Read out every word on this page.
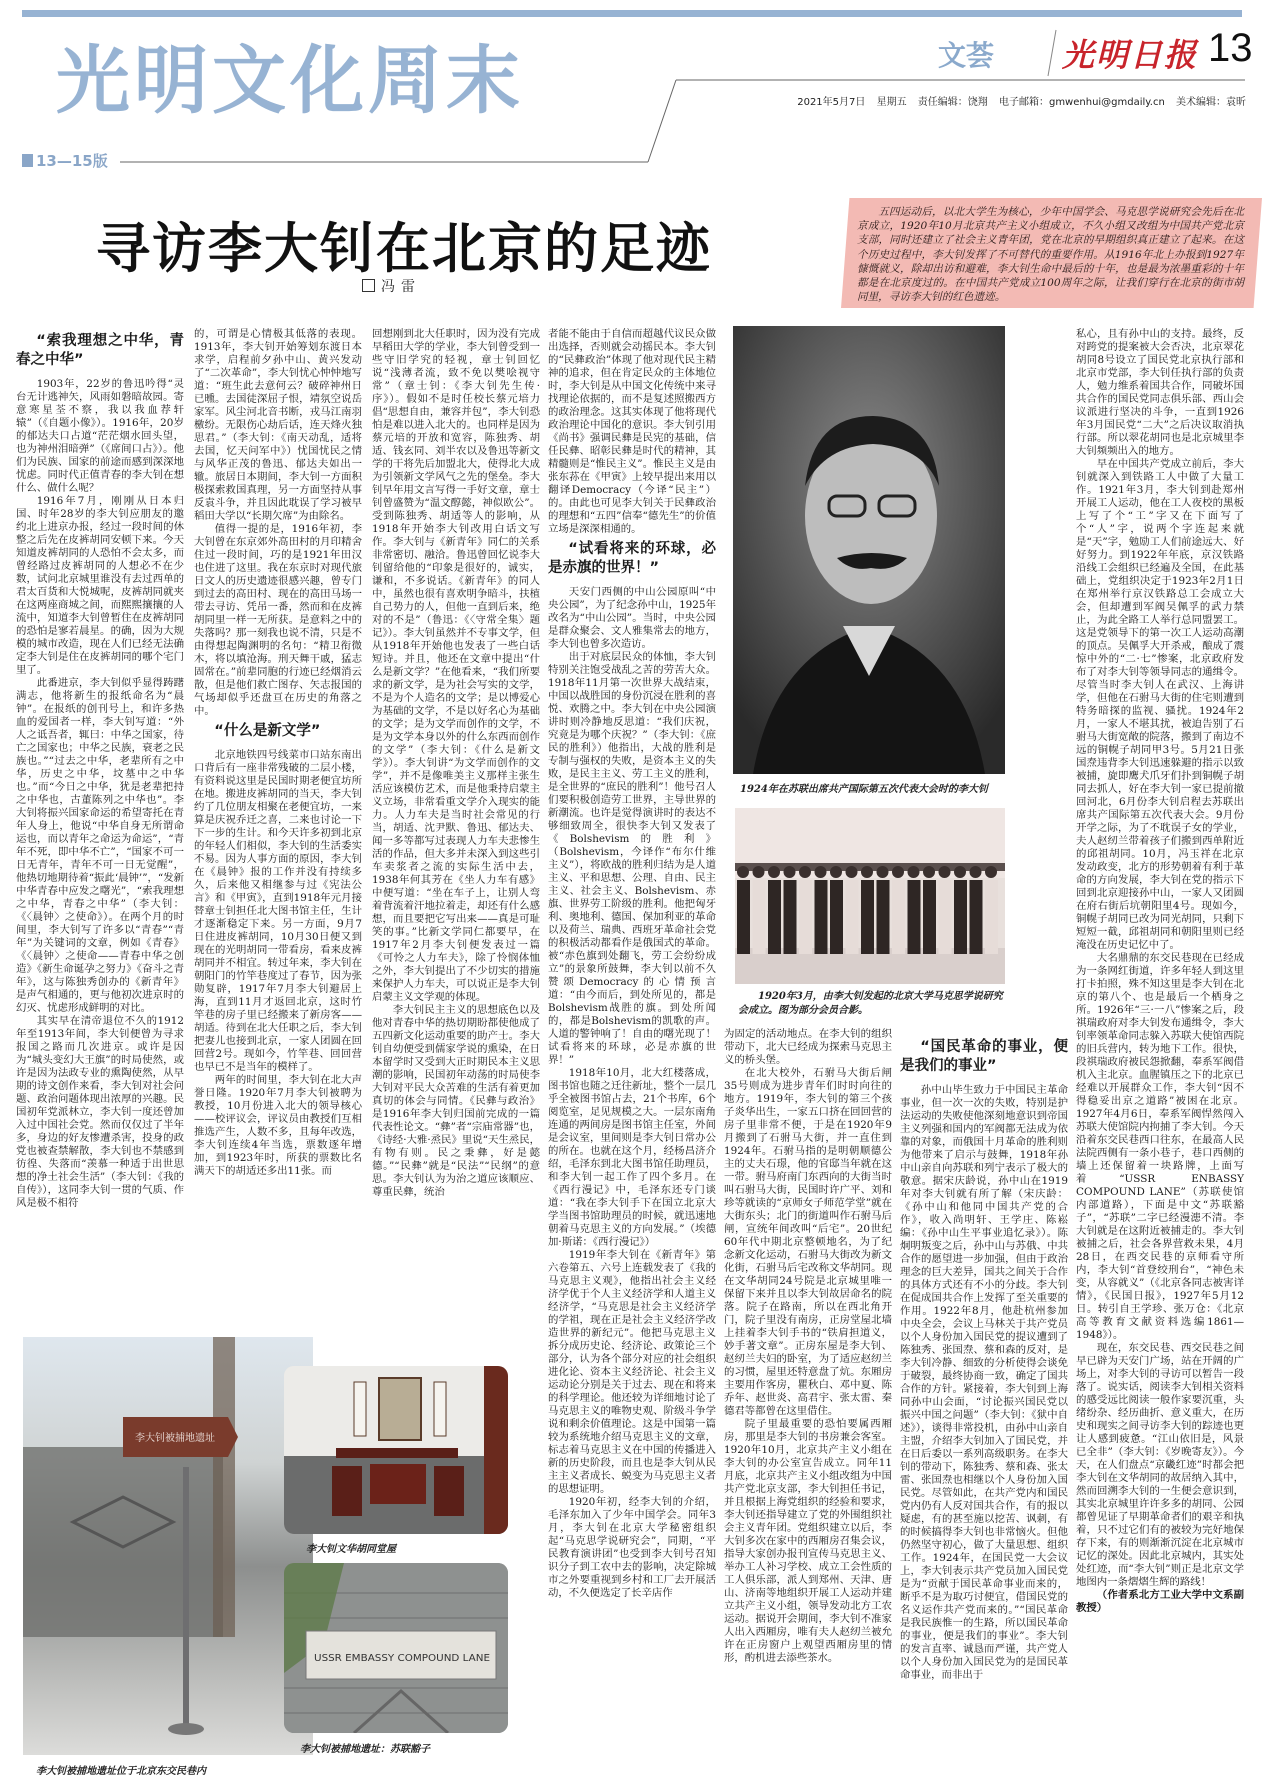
光明文化周末
13—15版
文荟 光明日报 13
2021年5月7日 星期五 责任编辑：饶翔 电子邮箱：gmwenhui@gmdaily.cn 美术编辑：袁昕
寻访李大钊在北京的足迹
冯雷

五四运动后，以北大学生为核心，少年中国学会、马克思学说研究会先后在北京成立，1920年10月北京共产主义小组成立，不久小组又改组为中国共产党北京支部，同时还建立了社会主义青年团，党在北京的早期组织真正建立了起来。在这个历史过程中，李大钊发挥了不可替代的重要作用。从1916年北上办报到1927年慷慨就义，除却出访和避难，李大钊生命中最后的十年，也是最为浓墨重彩的十年都是在北京度过的。在中国共产党成立100周年之际，让我们穿行在北京的街市胡同里，寻访李大钊的红色遗迹。

1924年在苏联出席共产国际第五次代表大会时的李大钊
1920年3月，由李大钊发起的北京大学马克思学说研究会成立。图为部分会员合影。
李大钊被捕地遗址
李大钊文华胡同堂屋
USSR EMBASSY COMPOUND LANE
李大钊被捕地遗址：苏联豁子
李大钊被捕地遗址位于北京东交民巷内
“索我理想之中华，青春之中华”

1903年，22岁的鲁迅吟得“灵台无计逃神矢，风雨如磐暗故园。寄意寒星荃不察，我以我血荐轩辕”（《自题小像》）。1916年，20岁的郁达夫口占道“茫茫烟水回头望，也为神州泪暗弹”（《席间口占》）。他们为民族、国家的前途而感到深深地忧虑。同时代正值青春的李大钊在想什么、做什么呢？

1916年7月，刚刚从日本归国、时年28岁的李大钊应朋友的邀约北上进京办报，经过一段时间的休整之后先在皮裤胡同安顿下来。今天知道皮裤胡同的人恐怕不会太多，而曾经路过皮裤胡同的人想必不在少数，试问北京城里谁没有去过西单的君太百货和大悦城呢，皮裤胡同就夹在这两座商城之间，而熙熙攘攘的人流中，知道李大钊曾暂住在皮裤胡同的恐怕是寥若晨星。的确，因为大规模的城市改造，现在人们已经无法确定李大钊是住在皮裤胡同的哪个宅门里了。

此番进京，李大钊似乎显得踌躇满志，他将新生的报纸命名为“晨钟”。在报纸的创刊号上，和许多热血的爱国者一样，李大钊写道：“外人之诋吾者，辄曰：中华之国家，待亡之国家也；中华之民族，衰老之民族也。”“过去之中华，老辈所有之中华，历史之中华，坟墓中之中华也。”而“今日之中华，犹是老辈把持之中华也，古董陈列之中华也”。李大钊将振兴国家命运的希望寄托在青年人身上，他说“中华自身无所谓命运也，而以青年之命运为命运”，“青年不死，即中华不亡”，“国家不可一日无青年，青年不可一日无觉醒”，他热切地期待着“振此‘晨钟’”，“发新中华青春中应发之曙光”，“索我理想之中华，青春之中华”（李大钊：《〈晨钟〉之使命》）。在两个月的时间里，李大钊写了许多以“青春”“青年”为关键词的文章，例如《青春》《〈晨钟〉之使命——青春中华之创造》《新生命诞孕之努力》《奋斗之青年》，这与陈独秀创办的《新青年》是声气相通的，更与他初次进京时的幻灭、忧虑形成鲜明的对比。

其实早在清帝退位不久的1912年至1913年间，李大钊便曾为寻求报国之路而几次进京。或许是因为“城头变幻大王旗”的时局使然，或许是因为法政专业的熏陶使然，从早期的诗文创作来看，李大钊对社会问题、政治问题体现出浓厚的兴趣。民国初年党派林立，李大钊一度还曾加入过中国社会党。然而仅仅过了半年多，身边的好友惨遭杀害，投身的政党也被查禁解散，李大钊也不禁感到彷徨、失落而“羡慕一种适于出世思想的净土社会生活”（李大钊：《我的自传》），这同李大钊一贯的气质、作风是极不相符

的，可谓是心情极其低落的表现。1913年，李大钊开始筹划东渡日本求学，启程前夕孙中山、黄兴发动了“二次革命”，李大钊忧心忡忡地写道：“班生此去意何云？破碎神州日已曛。去国徒深屈子恨，靖氛空说岳家军。风尘河北音书断，戎马江南羽檄纷。无限伤心劫后话，连天烽火独思君。”（李大钊：《南天动乱，适将去国，忆天问军中》）忧国忧民之情与风华正茂的鲁迅、郁达夫如出一辙。旅居日本期间，李大钊一方面积极探索救国真理，另一方面坚持从事反袁斗争，并且因此耽误了学习被早稻田大学以“长期欠席”为由除名。

值得一提的是，1916年初，李大钊曾在东京郊外高田村的月印精舍住过一段时间，巧的是1921年田汉也住进了这里。我在东京时对现代旅日文人的历史遗迹很感兴趣，曾专门到过去的高田村、现在的高田马场一带去寻访、凭吊一番，然而和在皮裤胡同里一样一无所获。是意料之中的失落吗？那一刻我也说不清，只是不由得想起陶渊明的名句：“精卫衔微木，将以填沧海。刑天舞干戚，猛志固常在。”前辈同胞的行迹已经烟消云散，但是他们救亡图存、矢志报国的气场却似乎还盘亘在历史的角落之中。

“什么是新文学”

北京地铁四号线菜市口站东南出口背后有一座非常残破的二层小楼，有资料说这里是民国时期老便宜坊所在地。搬进皮裤胡同的当天，李大钊约了几位朋友相聚在老便宜坊，一来算是庆祝乔迁之喜，二来也讨论一下下一步的生计。和今天许多初到北京的年轻人们相似，李大钊的生活委实不易。因为人事方面的原因，李大钊在《晨钟》报的工作并没有持续多久，后来他又相继参与过《宪法公言》和《甲寅》，直到1918年元月接替章士钊担任北大图书馆主任，生计才逐渐稳定下来。另一方面，9月7日住进皮裤胡同，10月30日便又到现在的光明胡同一带看房，看来皮裤胡同并不相宜。转过年来，李大钊在朝阳门的竹竿巷度过了春节，因为张勋复辟，1917年7月李大钊避居上海，直到11月才返回北京，这时竹竿巷的房子里已经搬来了新房客——胡适。待到在北大任职之后，李大钊把妻儿也接到北京，一家人团圆在回回营2号。现如今，竹竿巷、回回营也早已不是当年的模样了。

两年的时间里，李大钊在北大声誉日隆。1920年7月李大钊被聘为教授，10月份进入北大的领导核心——校评议会，评议员由教授们互相推选产生，人数不多，且每年改选，李大钊连续4年当选，票数逐年增加，到1923年时，所获的票数比名满天下的胡适还多出11张。而

回想刚到北大任职时，因为没有完成早稻田大学的学业，李大钊曾受到一些守旧学究的轻视，章士钊回忆说“浅薄者流，致不免以樊哙视守常”（章士钊：《李大钊先生传·序》）。假如不是时任校长蔡元培力倡“思想自由，兼容并包”，李大钊恐怕是难以进入北大的。也同样是因为蔡元培的开放和宽容，陈独秀、胡适、钱玄同、刘半农以及鲁迅等新文学的干将先后加盟北大，使得北大成为引领新文学风气之先的堡垒。李大钊早年用文言写得一手好文章，章士钊曾盛赞为“温文醇懿，神似欧公”。受到陈独秀、胡适等人的影响，从1918年开始李大钊改用白话文写作。李大钊与《新青年》同仁的关系非常密切、融洽。鲁迅曾回忆说李大钊留给他的“印象是很好的，诚实，谦和，不多说话。《新青年》的同人中，虽然也很有喜欢明争暗斗，扶植自己势力的人，但他一直到后来，绝对的不是”（鲁迅：《〈守常全集〉题记》）。李大钊虽然并不专事文学，但从1918年开始他也发表了一些白话短诗。并且，他还在文章中提出“什么是新文学？”在他看来，“我们所要求的新文学，是为社会写实的文学，不是为个人造名的文学；是以博爱心为基础的文学，不是以好名心为基础的文学；是为文学而创作的文学，不是为文学本身以外的什么东西而创作的文学”（李大钊：《什么是新文学》）。李大钊讲“为文学而创作的文学”，并不是像唯美主义那样主张生活应该模仿艺术，而是他秉持启蒙主义立场，非常看重文学介入现实的能力。人力车夫是当时社会常见的行当，胡适、沈尹默、鲁迅、郁达夫、闻一多等都写过表现人力车夫悲惨生活的作品，但大多并未深入到这些引车卖浆者之流的实际生活中去，1938年何其芳在《坐人力车有感》中便写道：“坐在车子上，让别人弯着背流着汗地拉着走，却还有什么感想，而且要把它写出来——真是可耻笑的事。”比新文学同仁都要早，在1917年2月李大钊便发表过一篇《可怜之人力车夫》，除了怜悯体恤之外，李大钊提出了不少切实的措施来保护人力车夫，可以说正是李大钊启蒙主义文学观的体现。

李大钊民主主义的思想底色以及他对青春中华的热切期盼都使他成了五四新文化运动重要的助产士。李大钊自幼便受到儒家学说的熏染，在日本留学时又受到大正时期民本主义思潮的影响，民国初年动荡的时局使李大钊对平民大众苦难的生活有着更加真切的体会与同情。《民彝与政治》是1916年李大钊归国前完成的一篇代表性论文。“彝”者“宗庙常器”也，《诗经·大雅·烝民》里说“天生烝民，有物有则。民之秉彝，好是懿德。”“民彝”就是“民法”“民纲”的意思。李大钊认为为治之道应该顺应、尊重民彝，统治

者能不能由于自信而超越代议民众做出选择，否则就会动摇民本。李大钊的“民彝政治”体现了他对现代民主精神的追求，但在肯定民众的主体地位时，李大钊是从中国文化传统中来寻找理论依据的，而不是复述照搬西方的政治理念。这其实体现了他将现代政治理论中国化的意识。李大钊引用《尚书》强调民彝是民宪的基础，信任民彝、昭彰民彝是时代的精神，其精髓则是“惟民主义”。惟民主义是由张东荪在《甲寅》上较早提出来用以翻译Democracy（今译“民主”）的。由此也可见李大钊关于民彝政治的理想和“五四”信奉“德先生”的价值立场是深深相通的。

“试看将来的环球，必是赤旗的世界！”

天安门西侧的中山公园原叫“中央公园”，为了纪念孙中山，1925年改名为“中山公园”。当时，中央公园是群众聚会、文人雅集常去的地方，李大钊也曾多次造访。

出于对底层民众的体恤，李大钊特别关注饱受战乱之苦的劳苦大众。1918年11月第一次世界大战结束，中国以战胜国的身份沉浸在胜利的喜悦、欢腾之中。李大钊在中央公园演讲时则冷静地反思道：“我们庆祝，究竟是为哪个庆祝？”（李大钊：《庶民的胜利》）他指出，大战的胜利是专制与强权的失败，是资本主义的失败，是民主主义、劳工主义的胜利，是全世界的“庶民的胜利”！他号召人们要积极创造劳工世界，主导世界的新潮流。也许是觉得演讲时的表达不够细致周全，很快李大钊又发表了《Bolshevism的胜利》（Bolshevism，今译作“布尔什维主义”），将欧战的胜利归结为是人道主义、平和思想、公理、自由、民主主义、社会主义、Bolshevism、赤旗、世界劳工阶级的胜利。他把匈牙利、奥地利、德国、保加利亚的革命以及荷兰、瑞典、西班牙革命社会党的积极活动都看作是俄国式的革命。被“赤色旗到处翻飞，劳工会纷纷成立”的景象所鼓舞，李大钊以前不久赞颂Democracy的心情预言道：“由今而后，到处所见的，都是Bolshevism战胜的旗。到处所闻的，都是Bolshevism的凯歌的声。人道的警钟响了！自由的曙光现了！试看将来的环球，必是赤旗的世界！”

1918年10月，北大红楼落成，图书馆也随之迁往新址，整个一层几乎全被图书馆占去，21个书库，6个阅览室，足见规模之大。一层东南角连通的两间房是图书馆主任室，外间是会议室，里间则是李大钊日常办公的所在。也就在这个月，经杨昌济介绍，毛泽东到北大图书馆任助理员，和李大钊一起工作了四个多月。在《西行漫记》中，毛泽东还专门谈道：“我在李大钊手下在国立北京大学当图书馆助理员的时候，就迅速地朝着马克思主义的方向发展。”（埃德加·斯诺：《西行漫记》）

1919年李大钊在《新青年》第六卷第五、六号上连载发表了《我的马克思主义观》，他指出社会主义经济学优于个人主义经济学和人道主义经济学，“马克思是社会主义经济学的学祖，现在正是社会主义经济学改造世界的新纪元”。他把马克思主义拆分成历史论、经济论、政策论三个部分，认为各个部分对应的社会组织进化论、资本主义经济论、社会主义运动论分别是关于过去、现在和将来的科学理论。他还较为详细地讨论了马克思主义的唯物史观、阶级斗争学说和剩余价值理论。这是中国第一篇较为系统地介绍马克思主义的文章，标志着马克思主义在中国的传播进入新的历史阶段，而且也是李大钊从民主主义者成长、蜕变为马克思主义者的思想证明。

1920年初，经李大钊的介绍，毛泽东加入了少年中国学会。同年3月，李大钊在北京大学秘密组织起“马克思学说研究会”，同期，“平民教育演讲团”也受到李大钊号召知识分子到工农中去的影响，决定除城市之外要重视到乡村和工厂去开展活动，不久便选定了长辛店作

为固定的活动地点。在李大钊的组织带动下，北大已经成为探索马克思主义的桥头堡。

在北大校外，石驸马大街后闸35号则成为进步青年们时时向往的地方。1919年，李大钊的第三个孩子炎华出生，一家五口挤在回回营的房子里非常不便，于是在1920年9月搬到了石驸马大街，并一直住到1924年。石驸马指的是明朝顺德公主的丈夫石璟，他的官邸当年就在这一带。驸马府南门东西向的大街当时叫石驸马大街，民国时许广平、刘和珍等就读的“京师女子师范学堂”就在大街东头；北门的街道叫作石驸马后闸，宣统年间改叫“后宅”。20世纪60年代中期北京整顿地名，为了纪念新文化运动，石驸马大街改为新文化街，石驸马后宅改称文华胡同。现在文华胡同24号院是北京城里唯一保留下来并且以李大钊故居命名的院落。院子在路南，所以在西北角开门，院子里没有南房，正房堂屋北墙上挂着李大钊手书的“铁肩担道义，妙手著文章”。正房东屋是李大钊、赵纫兰夫妇的卧室，为了适应赵纫兰的习惯，屋里还特意盘了炕。东厢房主要用作客房，瞿秋白、邓中夏、陈乔年、赵世炎、高君宇、张太雷、秦德君等都曾在这里借住。

院子里最重要的恐怕要属西厢房，那里是李大钊的书房兼会客室。1920年10月，北京共产主义小组在李大钊的办公室宣告成立。同年11月底，北京共产主义小组改组为中国共产党北京支部，李大钊担任书记，并且根据上海党组织的经验和要求，李大钊还指导建立了党的外围组织社会主义青年团。党组织建立以后，李大钊多次在家中的西厢房召集会议，指导大家创办报刊宣传马克思主义、举办工人补习学校、成立工会性质的工人俱乐部，派人到郑州、天津、唐山、济南等地组织开展工人运动并建立共产主义小组，领导发动北方工农运动。据说开会期间，李大钊不准家人出入西厢房，唯有夫人赵纫兰被允许在正房窗户上观望西厢房里的情形，酌机进去添些茶水。

“国民革命的事业，便是我们的事业”

孙中山毕生致力于中国民主革命事业，但一次一次的失败，特别是护法运动的失败使他深刻地意识到帝国主义列强和国内的军阀都无法成为依靠的对象，而俄国十月革命的胜利则为他带来了启示与鼓舞，1918年孙中山亲自向苏联和列宁表示了极大的敬意。据宋庆龄说，孙中山在1919年对李大钊就有所了解（宋庆龄：《孙中山和他同中国共产党的合作》，收入尚明轩、王学庄、陈崧编：《孙中山生平事业追忆录》）。陈炯明叛变之后，孙中山与苏俄、中共合作的愿望进一步加强，但由于政治理念的巨大差异，国共之间关于合作的具体方式还有不小的分歧。李大钊在促成国共合作上发挥了至关重要的作用。1922年8月，他赴杭州参加中央全会，会议上马林关于共产党员以个人身份加入国民党的提议遭到了陈独秀、张国焘、蔡和森的反对，是李大钊冷静、细致的分析使得会谈免于破裂，最终协商一致，确定了国共合作的方针。紧接着，李大钊到上海同孙中山会面，“讨论振兴国民党以振兴中国之问题”（李大钊：《狱中自述》），谈得非常投机，由孙中山亲自主盟，介绍李大钊加入了国民党，并在日后委以一系列高级职务。在李大钊的带动下，陈独秀、蔡和森、张太雷、张国焘也相继以个人身份加入国民党。尽管如此，在共产党内和国民党内仍有人反对国共合作，有的报以疑虑，有的甚至施以挖苦、讽刺，有的时候搞得李大钊也非常恼火。但他仍然坚守初心，做了大量思想、组织工作。1924年，在国民党一大会议上，李大钊表示共产党员加入国民党是为“贡献于国民革命事业而来的，断乎不是为取巧讨便宜，借国民党的名义运作共产党而来的。”“国民革命是我民族惟一的生路，所以国民革命的事业，便是我们的事业”。李大钊的发言直率、诚恳而严谨，共产党人以个人身份加入国民党为的是国民革命事业，而非出于

私心，且有孙中山的支持。最终，反对跨党的提案被大会否决，北京翠花胡同8号设立了国民党北京执行部和北京市党部，李大钊任执行部的负责人，勉力维系着国共合作，同破坏国共合作的国民党同志俱乐部、西山会议派进行坚决的斗争，一直到1926年3月国民党“二大”之后决议取消执行部。所以翠花胡同也是北京城里李大钊频频出入的地方。

早在中国共产党成立前后，李大钊就深入到铁路工人中做了大量工作。1921年3月，李大钊到赴郑州开展工人运动，他在工人夜校的黑板上写了个“工”字又在下面写了个“人”字，说两个字连起来就是“天”字，勉励工人们前途远大、好好努力。到1922年年底，京汉铁路沿线工会组织已经遍及全国，在此基础上，党组织决定于1923年2月1日在郑州举行京汉铁路总工会成立大会，但却遭到军阀吴佩孚的武力禁止，为此全路工人举行总同盟罢工。这是党领导下的第一次工人运动高潮的顶点。吴佩孚大开杀戒，酿成了震惊中外的“二·七”惨案，北京政府发布了对李大钊等领导同志的通缉令。尽管当时李大钊人在武汉、上海讲学，但他在石驸马大街的住宅则遭到特务暗探的监视、骚扰。1924年2月，一家人不堪其扰，被迫告别了石驸马大街宽敞的院落，搬到了南边不远的铜幌子胡同甲3号。5月21日张国焘违背李大钊迅速躲避的指示以致被捕，旋即鹰犬爪牙们扑到铜幌子胡同去抓人，好在李大钊一家已提前撤回河北，6月份李大钊启程去苏联出席共产国际第五次代表大会。9月份开学之际，为了不耽误子女的学业，夫人赵纫兰带着孩子们搬到西单附近的邱祖胡同。10月，冯玉祥在北京发动政变，北方的形势朝着有利于革命的方向发展，李大钊在党的指示下回到北京迎接孙中山，一家人又团圆在府右街后坑朝阳里4号。现如今，铜幌子胡同已改为同光胡同，只剩下短短一截，邱祖胡同和朝阳里则已经淹没在历史记忆中了。

大名鼎鼎的东交民巷现在已经成为一条网红街道，许多年轻人到这里打卡拍照，殊不知这里是李大钊在北京的第八个、也是最后一个栖身之所。1926年“三·一八”惨案之后，段祺瑞政府对李大钊发布通缉令，李大钊率领革命同志躲入苏联大使馆西院的旧兵营内，转为地下工作。很快，段祺瑞政府被民怨掀翻，奉系军阀借机入主北京。血腥镇压之下的北京已经难以开展群众工作，李大钊“因不得稳妥出京之道路”被困在北京。1927年4月6日，奉系军阀悍然闯入苏联大使馆院内拘捕了李大钊。今天沿着东交民巷西口往东，在最高人民法院西侧有一条小巷子，巷口西侧的墙上还保留着一块路牌，上面写着“USSR ENBASSY COMPOUND LANE”（苏联使馆内部道路），下面是中文“苏联豁子”，“苏联”二字已经漫漶不清。李大钊就是在这附近被捕走的。李大钊被捕之后，社会各界营救未果，4月28日，在西交民巷的京师看守所内，李大钊“首登绞刑台”，“神色未变，从容就义”（《北京各同志被害详情》，《民国日报》，1927年5月12日。转引自王学珍、张万仓：《北京高等教育文献资料选编1861—1948》）。

现在，东交民巷、西交民巷之间早已辟为天安门广场，站在开阔的广场上，对李大钊的寻访可以暂告一段落了。说实话，阅读李大钊相关资料的感受远比阅读一般作家要沉重，头绪纷杂、经历曲折、意义重大，在历史和现实之间寻访李大钊的踪迹也更让人感到疲惫。“江山依旧是，风景已全非”（李大钊：《岁晚寄友》）。今天，在人们盘点“京畿红迹”时都会把李大钊在文华胡同的故居纳入其中，然而回溯李大钊的一生便会意识到，其实北京城里许许多多的胡同、公园都曾见证了早期革命者们的艰辛和执着，只不过它们有的被较为完好地保存下来，有的则渐渐沉淀在北京城市记忆的深处。因此北京城内，其实处处红迹，而“李大钊”则正是北京文学地图内一条熠熠生辉的路线！

（作者系北方工业大学中文系副教授）
